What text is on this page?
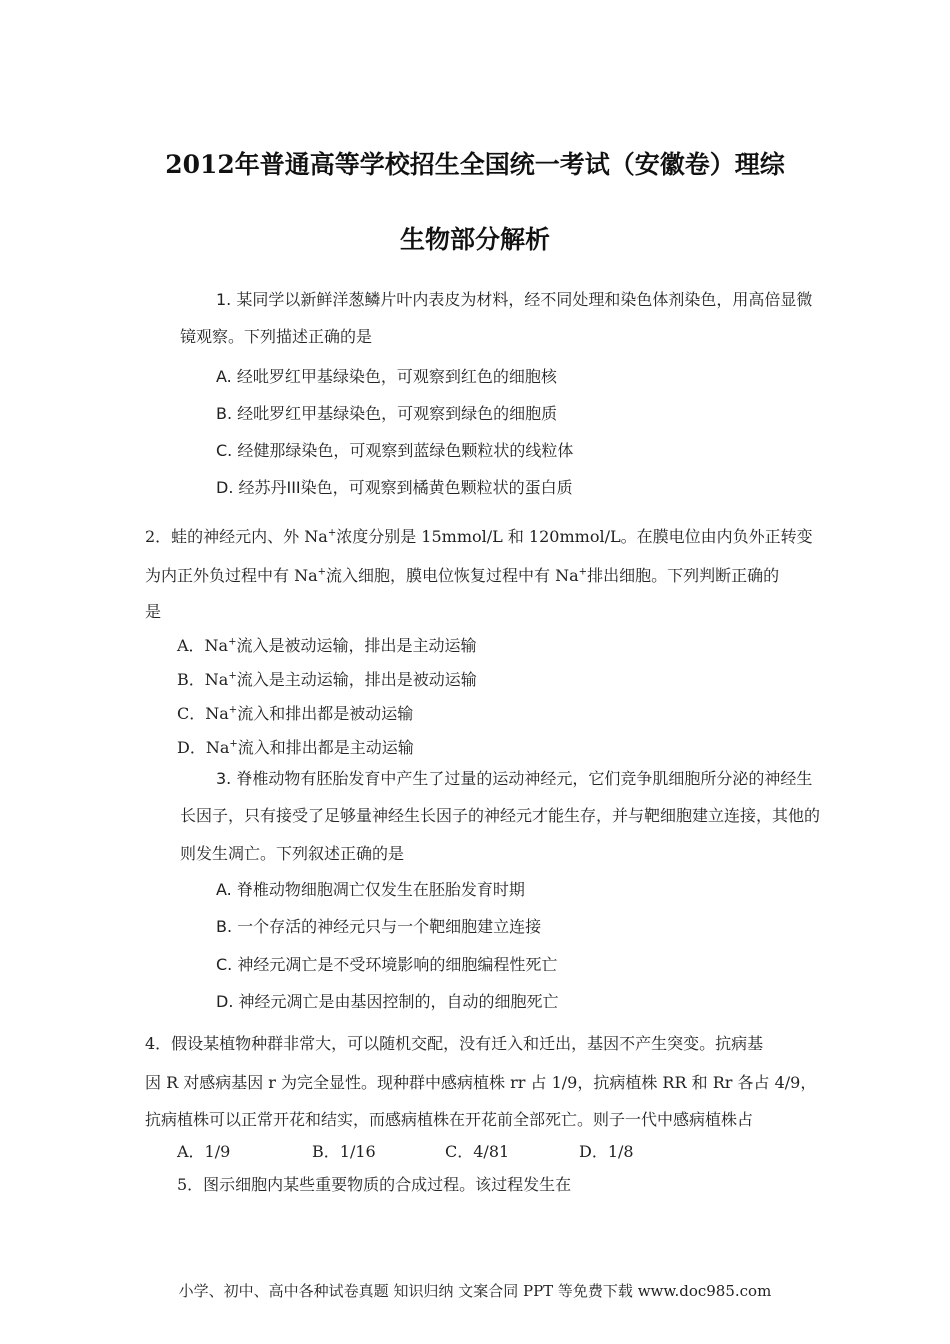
2012年普通高等学校招生全国统一考试（安徽卷）理综
生物部分解析
1. 某同学以新鲜洋葱鳞片叶内表皮为材料，经不同处理和染色体剂染色，用高倍显微
镜观察。下列描述正确的是
A. 经吡罗红甲基绿染色，可观察到红色的细胞核
B. 经吡罗红甲基绿染色，可观察到绿色的细胞质
C. 经健那绿染色，可观察到蓝绿色颗粒状的线粒体
D. 经苏丹III染色，可观察到橘黄色颗粒状的蛋白质
2．蛙的神经元内、外 Na+浓度分别是 15mmol/L 和 120mmol/L。在膜电位由内负外正转变
为内正外负过程中有 Na+流入细胞，膜电位恢复过程中有 Na+排出细胞。下列判断正确的
是
A．Na+流入是被动运输，排出是主动运输
B．Na+流入是主动运输，排出是被动运输
C．Na+流入和排出都是被动运输
D．Na+流入和排出都是主动运输
3. 脊椎动物有胚胎发育中产生了过量的运动神经元，它们竞争肌细胞所分泌的神经生
长因子，只有接受了足够量神经生长因子的神经元才能生存，并与靶细胞建立连接，其他的
则发生凋亡。下列叙述正确的是
A. 脊椎动物细胞凋亡仅发生在胚胎发育时期
B. 一个存活的神经元只与一个靶细胞建立连接
C. 神经元凋亡是不受环境影响的细胞编程性死亡
D. 神经元凋亡是由基因控制的，自动的细胞死亡
4．假设某植物种群非常大，可以随机交配，没有迁入和迁出，基因不产生突变。抗病基
因 R 对感病基因 r 为完全显性。现种群中感病植株 rr 占 1/9，抗病植株 RR 和 Rr 各占 4/9，
抗病植株可以正常开花和结实，而感病植株在开花前全部死亡。则子一代中感病植株占
A．1/9	B．1/16	C．4/81	D．1/8
5．图示细胞内某些重要物质的合成过程。该过程发生在
小学、初中、高中各种试卷真题 知识归纳 文案合同 PPT 等免费下载 www.doc985.com
